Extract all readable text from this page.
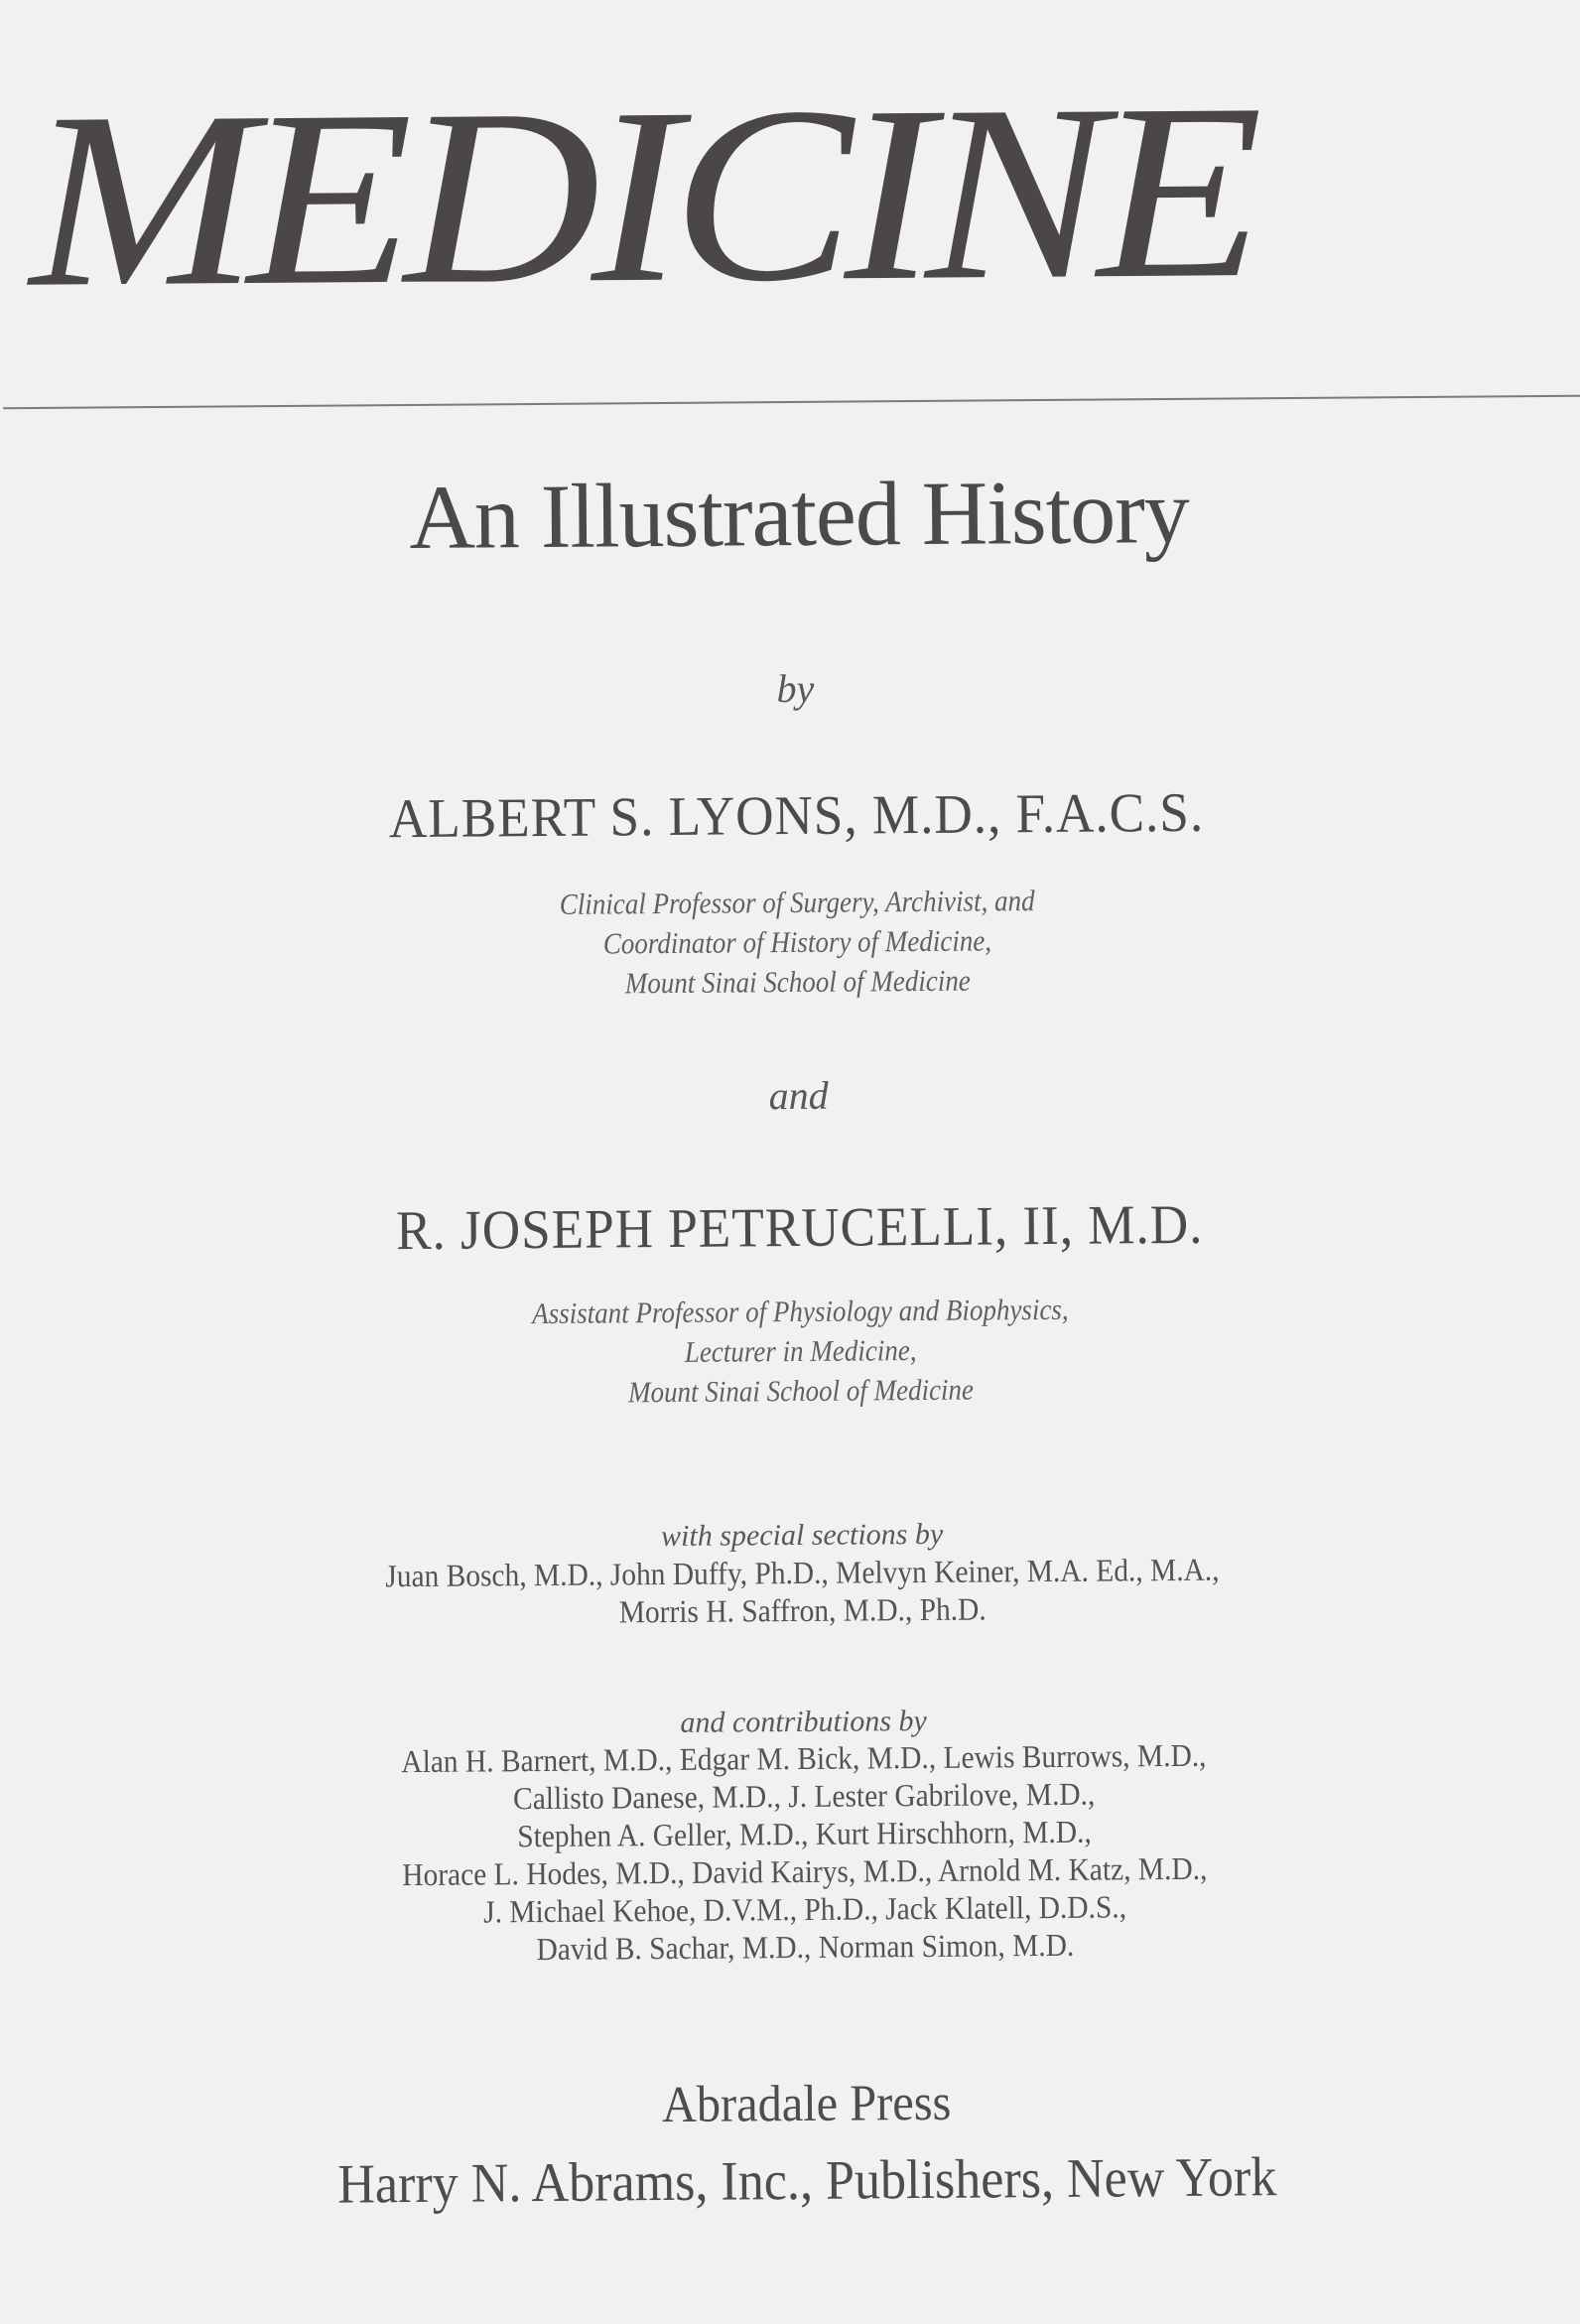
MEDICINE
An Illustrated History
by
ALBERT S. LYONS, M.D., F.A.C.S.
Clinical Professor of Surgery, Archivist, and
Coordinator of History of Medicine,
Mount Sinai School of Medicine
and
R. JOSEPH PETRUCELLI, II, M.D.
Assistant Professor of Physiology and Biophysics,
Lecturer in Medicine,
Mount Sinai School of Medicine
with special sections by
Juan Bosch, M.D., John Duffy, Ph.D., Melvyn Keiner, M.A. Ed., M.A.,
Morris H. Saffron, M.D., Ph.D.
and contributions by
Alan H. Barnert, M.D., Edgar M. Bick, M.D., Lewis Burrows, M.D.,
Callisto Danese, M.D., J. Lester Gabrilove, M.D.,
Stephen A. Geller, M.D., Kurt Hirschhorn, M.D.,
Horace L. Hodes, M.D., David Kairys, M.D., Arnold M. Katz, M.D.,
J. Michael Kehoe, D.V.M., Ph.D., Jack Klatell, D.D.S.,
David B. Sachar, M.D., Norman Simon, M.D.
Abradale Press
Harry N. Abrams, Inc., Publishers, New York
